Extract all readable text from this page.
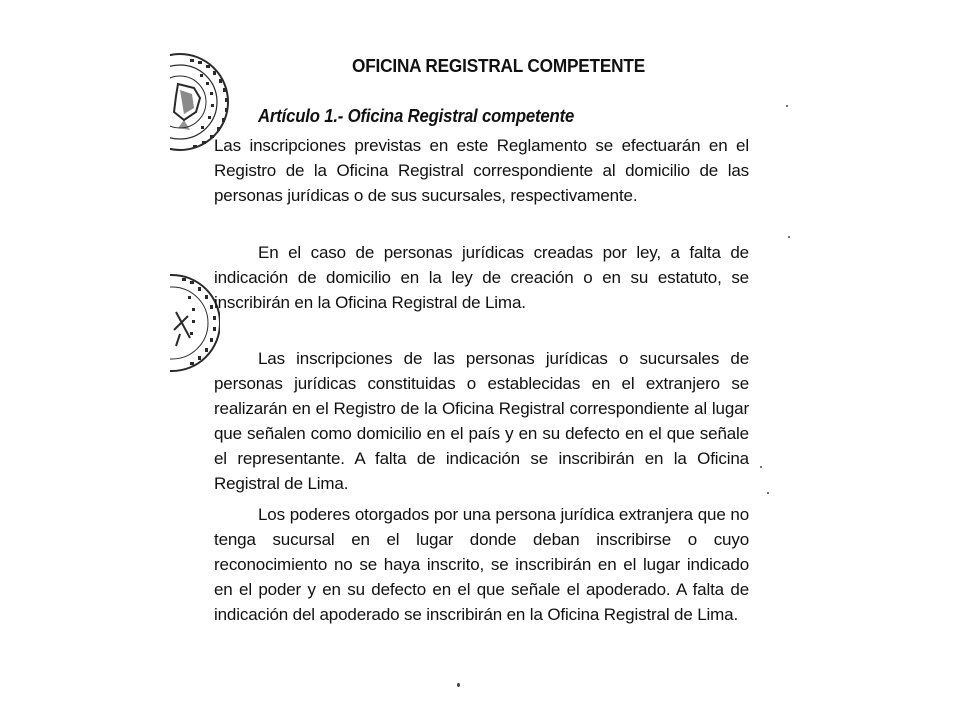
OFICINA REGISTRAL COMPETENTE
Artículo 1.- Oficina Registral competente
Las inscripciones previstas en este Reglamento se efectuarán en el Registro de la Oficina Registral correspondiente al domicilio de las personas jurídicas o de sus sucursales, respectivamente.
En el caso de personas jurídicas creadas por ley, a falta de indicación de domicilio en la ley de creación o en su estatuto, se inscribirán en la Oficina Registral de Lima.
Las inscripciones de las personas jurídicas o sucursales de personas jurídicas constituidas o establecidas en el extranjero se realizarán en el Registro de la Oficina Registral correspondiente al lugar que señalen como domicilio en el país y en su defecto en el que señale el representante. A falta de indicación se inscribirán en la Oficina Registral de Lima.
Los poderes otorgados por una persona jurídica extranjera que no tenga sucursal en el lugar donde deban inscribirse o cuyo reconocimiento no se haya inscrito, se inscribirán en el lugar indicado en el poder y en su defecto en el que señale el apoderado. A falta de indicación del apoderado se inscribirán en la Oficina Registral de Lima.
